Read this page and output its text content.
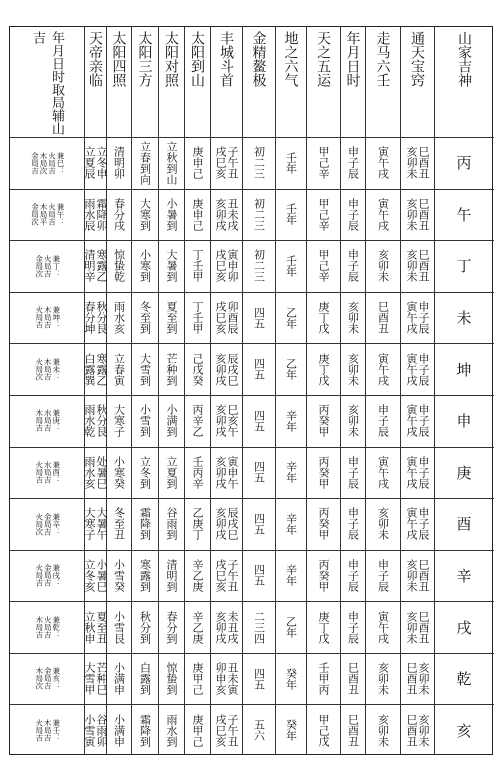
山家吉神
通天宝窍
走马六壬
年月日时
天之五运
地之六气
金精鳌极
丰城斗首
太阳到山
太阳对照
太阳三方
太阳四照
天帝亲临
年月日时取局辅山吉
丙
巳酉丑
亥卯未
寅午戌
申子辰
甲己辛
壬年
初二三
子午丑
戌巳亥
庚申己
立秋到山
立春到向
清明卯
立冬申
立夏辰
兼巳：
火局吉
木局次
金局吉
午
巳酉丑
亥卯未
寅午戌
申子辰
甲己辛
壬年
初二三
丑未戌
亥卯戌
庚申己
小暑到
大寒到
春分戌
霜降卯
雨水辰
兼午：
火局吉
木局平
金局次
丁
巳酉丑
亥卯未
亥卯未
申子辰
甲己辛
壬年
初二三
寅申卯
戌巳亥
丁壬甲
大暑到
小寒到
惊蛰乾
寒露乙
清明辛
兼丁：
火局吉
金局次
未
申子辰
寅午戌
巳酉丑
亥卯未
庚丁戊
乙年
四五
卯酉辰
戌巳亥
丁壬甲
夏至到
冬至到
雨水亥
秋分艮
春分坤
兼坤：
木局吉
火局吉
坤
申子辰
寅午戌
寅午戌
亥卯未
庚丁戊
乙年
四五
辰戌巳
亥卯戌
己戊癸
芒种到
大雪到
立春寅
寒露乙
白露巽
兼未：
木局吉
火局次
申
申子辰
寅午戌
申子辰
亥卯未
丙癸甲
辛年
四五
巳亥午
亥卯戌
丙辛乙
小满到
小雪到
大寒子
秋分艮
雨水乾
兼庚：
水局吉
木局吉
庚
申子辰
寅午戌
寅午戌
申子辰
丙癸甲
辛年
四五
寅申午
亥卯戌
壬丙辛
立夏到
立冬到
小寒癸
处暑巳
雨水亥
兼酉：
水局吉
火局吉
酉
申子辰
寅午戌
亥卯未
申子辰
丙癸甲
辛年
四五
辰戌巳
亥卯戌
乙庚丁
谷雨到
霜降到
冬至丑
大暑午
大寒子
兼辛：
金局吉
火局次
辛
巳酉丑
亥卯未
申子辰
申子辰
丙癸甲
辛年
四五
子午丑
戌巳亥
辛乙庚
清明到
寒露到
小雪癸
小暑巳
立冬亥
兼戌：
金局吉
火局吉
戌
巳酉丑
亥卯未
寅午戌
申子辰
庚丁戊
乙年
二三四
未丑戌
亥卯戌
辛乙庚
春分到
秋分到
小雪艮
夏至丑
立秋申
兼乾：
火局吉
木局吉
乾
亥卯未
巳酉丑
亥卯未
巳酉丑
壬甲丙
癸年
四五
丑未寅
卯申亥
庚甲己
惊蛰到
白露到
小满申
芒种巳
大雪甲
兼亥：
金局吉
木局次
亥
亥卯未
巳酉丑
亥卯未
巳酉丑
甲己戊
癸年
五六
子午丑
戌巳亥
庚甲己
雨水到
霜降到
小满申
谷雨卯
小雪寅
兼壬：
木局吉
火局吉
